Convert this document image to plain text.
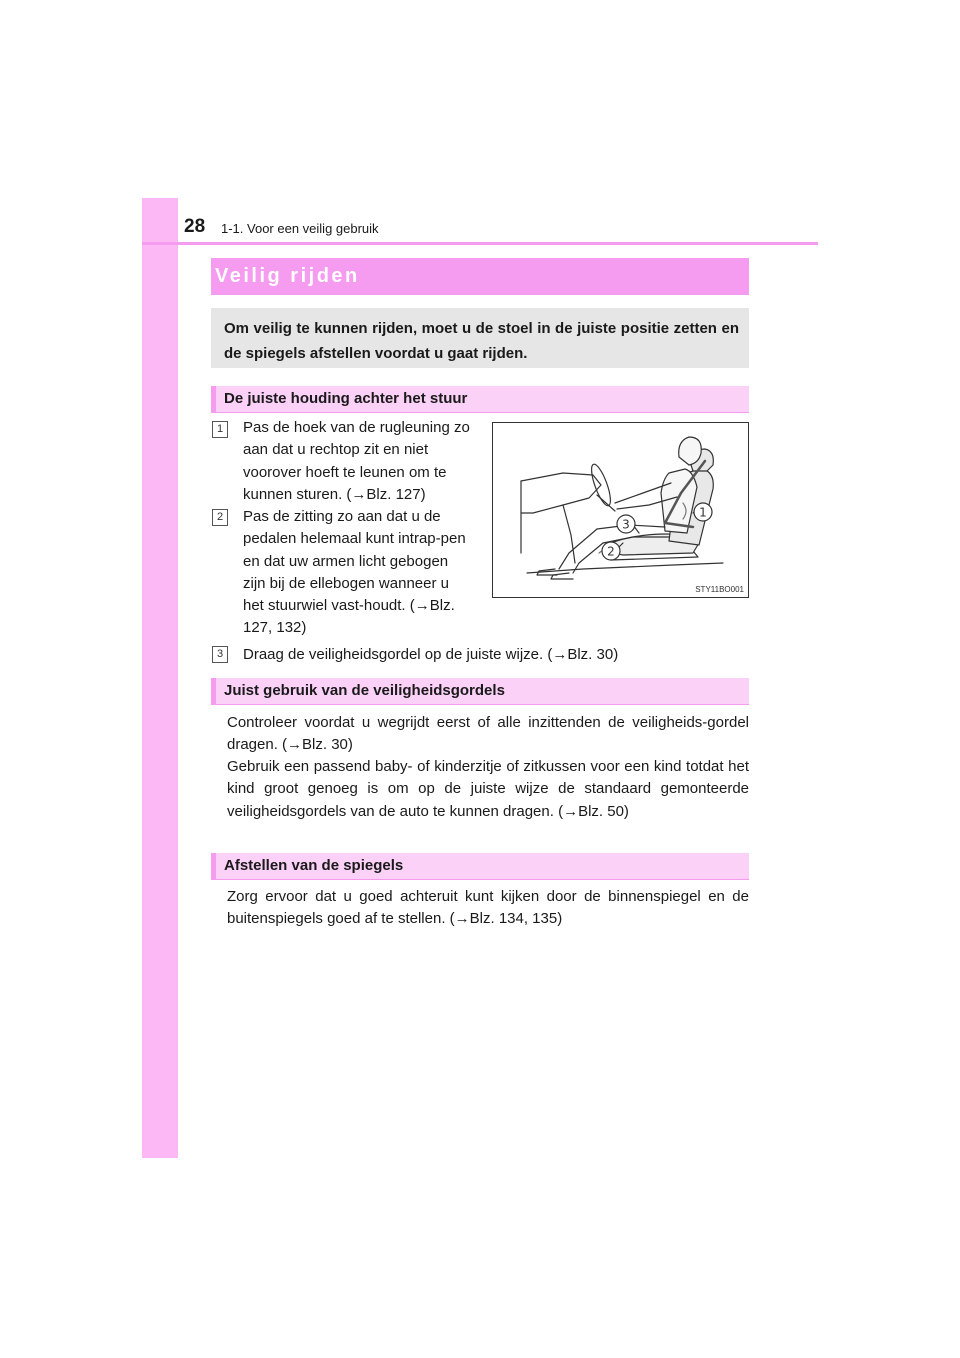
28 1-1. Voor een veilig gebruik
Veilig rijden
Om veilig te kunnen rijden, moet u de stoel in de juiste positie zetten en de spiegels afstellen voordat u gaat rijden.
De juiste houding achter het stuur
1	Pas de hoek van de rugleuning zo aan dat u rechtop zit en niet voorover hoeft te leunen om te kunnen sturen. (→Blz. 127)
2	Pas de zitting zo aan dat u de pedalen helemaal kunt intrap-pen en dat uw armen licht gebogen zijn bij de ellebogen wanneer u het stuurwiel vast-houdt. (→Blz. 127, 132)
3	Draag de veiligheidsgordel op de juiste wijze. (→Blz. 30)
1
2
3
STY11BO001
Juist gebruik van de veiligheidsgordels
Controleer voordat u wegrijdt eerst of alle inzittenden de veiligheids-gordel dragen. (→Blz. 30)
Gebruik een passend baby- of kinderzitje of zitkussen voor een kind totdat het kind groot genoeg is om op de juiste wijze de standaard gemonteerde veiligheidsgordels van de auto te kunnen dragen. (→Blz. 50)
Afstellen van de spiegels
Zorg ervoor dat u goed achteruit kunt kijken door de binnenspiegel en de buitenspiegels goed af te stellen. (→Blz. 134, 135)
